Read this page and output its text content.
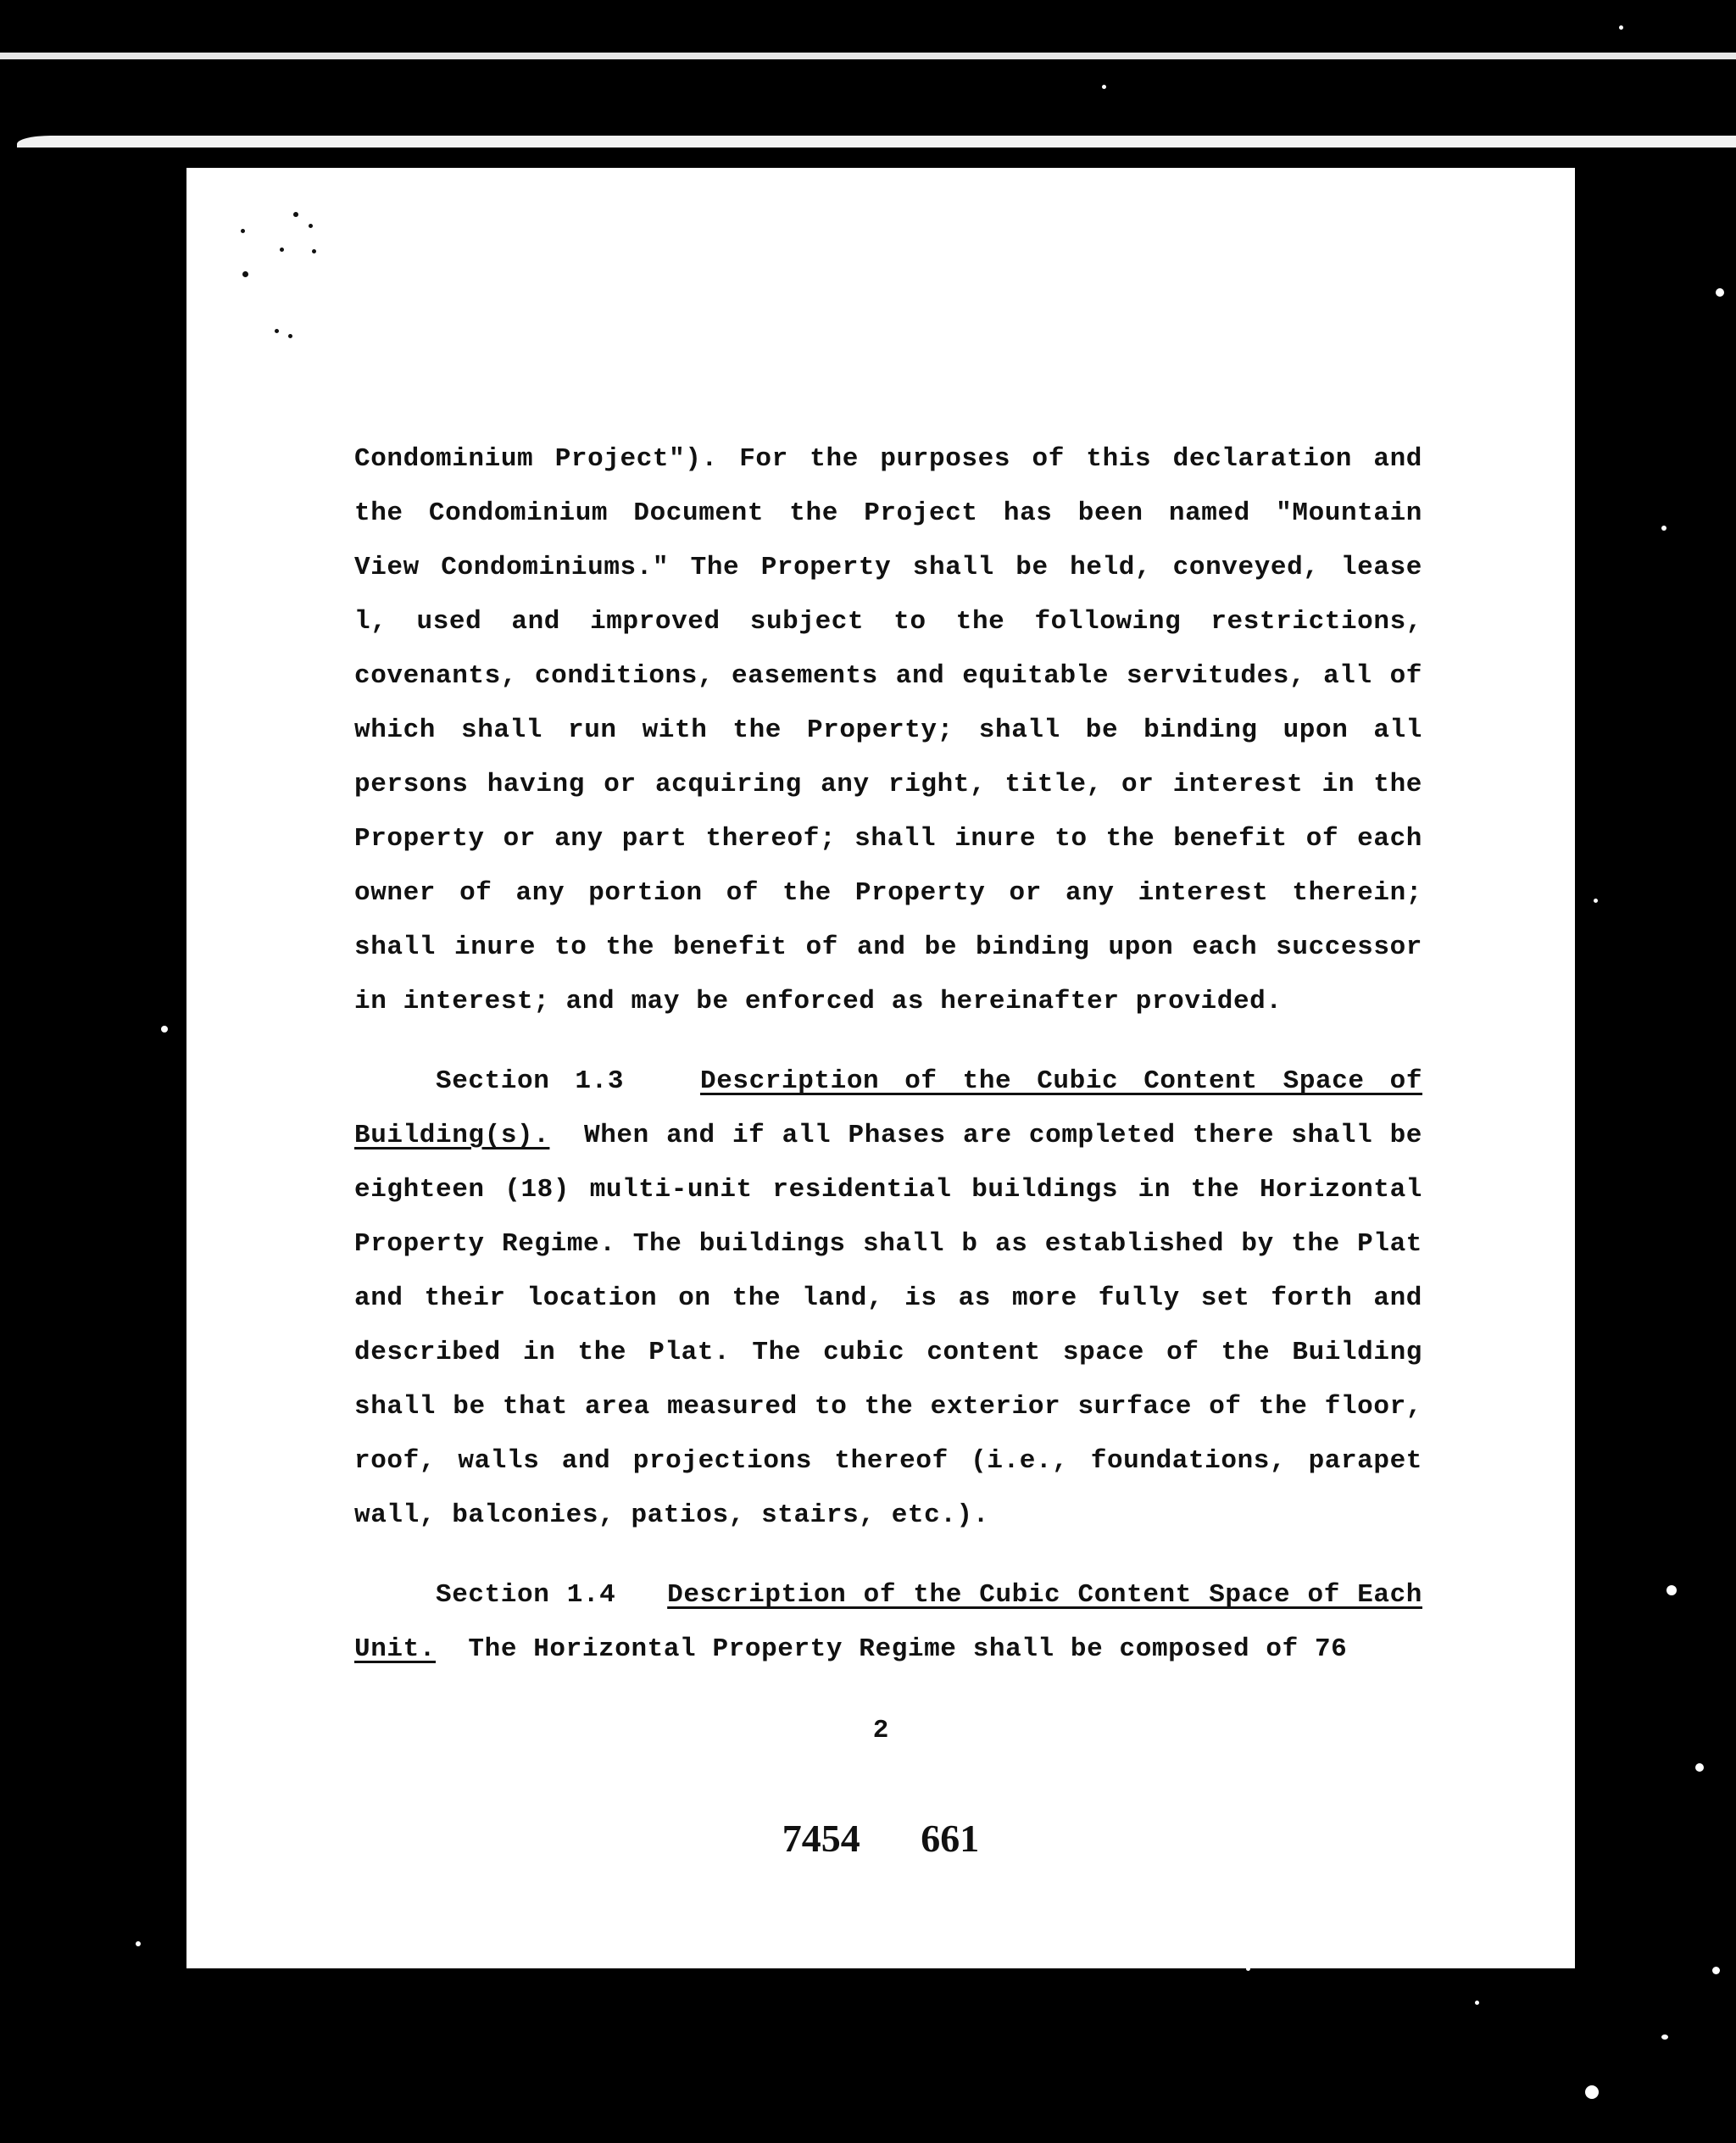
Condominium Project"). For the purposes of this declaration and the Condominium Document the Project has been named "Mountain View Condominiums." The Property shall be held, conveyed, lease l, used and improved subject to the following restrictions, covenants, conditions, easements and equitable servitudes, all of which shall run with the Property; shall be binding upon all persons having or acquiring any right, title, or interest in the Property or any part thereof; shall inure to the benefit of each owner of any portion of the Property or any interest therein; shall inure to the benefit of and be binding upon each successor in interest; and may be enforced as hereinafter provided.

Section 1.3	Description of the Cubic Content Space of Building(s). When and if all Phases are completed there shall be eighteen (18) multi-unit residential buildings in the Horizontal Property Regime. The buildings shall b as established by the Plat and their location on the land, is as more fully set forth and described in the Plat. The cubic content space of the Building shall be that area measured to the exterior surface of the floor, roof, walls and projections thereof (i.e., foundations, parapet wall, balconies, patios, stairs, etc.).

Section 1.4 Description of the Cubic Content Space of Each Unit. The Horizontal Property Regime shall be composed of 76

2
7454 661
